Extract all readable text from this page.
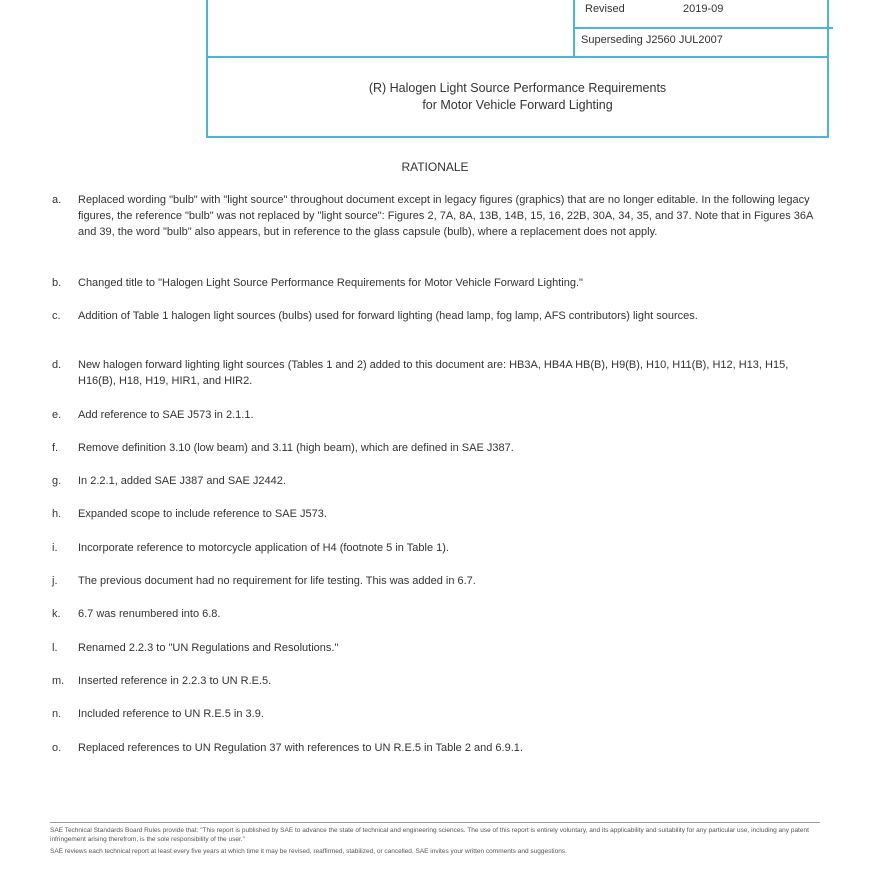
Revised	2019-09
Superseding J2560 JUL2007
(R) Halogen Light Source Performance Requirements
for Motor Vehicle Forward Lighting
RATIONALE
a. Replaced wording "bulb" with "light source" throughout document except in legacy figures (graphics) that are no longer editable. In the following legacy figures, the reference "bulb" was not replaced by "light source": Figures 2, 7A, 8A, 13B, 14B, 15, 16, 22B, 30A, 34, 35, and 37. Note that in Figures 36A and 39, the word "bulb" also appears, but in reference to the glass capsule (bulb), where a replacement does not apply.
b. Changed title to "Halogen Light Source Performance Requirements for Motor Vehicle Forward Lighting."
c. Addition of Table 1 halogen light sources (bulbs) used for forward lighting (head lamp, fog lamp, AFS contributors) light sources.
d. New halogen forward lighting light sources (Tables 1 and 2) added to this document are: HB3A, HB4A HB(B), H9(B), H10, H11(B), H12, H13, H15, H16(B), H18, H19, HIR1, and HIR2.
e. Add reference to SAE J573 in 2.1.1.
f. Remove definition 3.10 (low beam) and 3.11 (high beam), which are defined in SAE J387.
g. In 2.2.1, added SAE J387 and SAE J2442.
h. Expanded scope to include reference to SAE J573.
i. Incorporate reference to motorcycle application of H4 (footnote 5 in Table 1).
j. The previous document had no requirement for life testing. This was added in 6.7.
k. 6.7 was renumbered into 6.8.
l. Renamed 2.2.3 to "UN Regulations and Resolutions."
m. Inserted reference in 2.2.3 to UN R.E.5.
n. Included reference to UN R.E.5 in 3.9.
o. Replaced references to UN Regulation 37 with references to UN R.E.5 in Table 2 and 6.9.1.

SAE Technical Standards Board Rules provide that: "This report is published by SAE to advance the state of technical and engineering sciences. The use of this report is entirely voluntary, and its applicability and suitability for any particular use, including any patent infringement arising therefrom, is the sole responsibility of the user."

SAE reviews each technical report at least every five years at which time it may be revised, reaffirmed, stabilized, or cancelled. SAE invites your written comments and suggestions.
